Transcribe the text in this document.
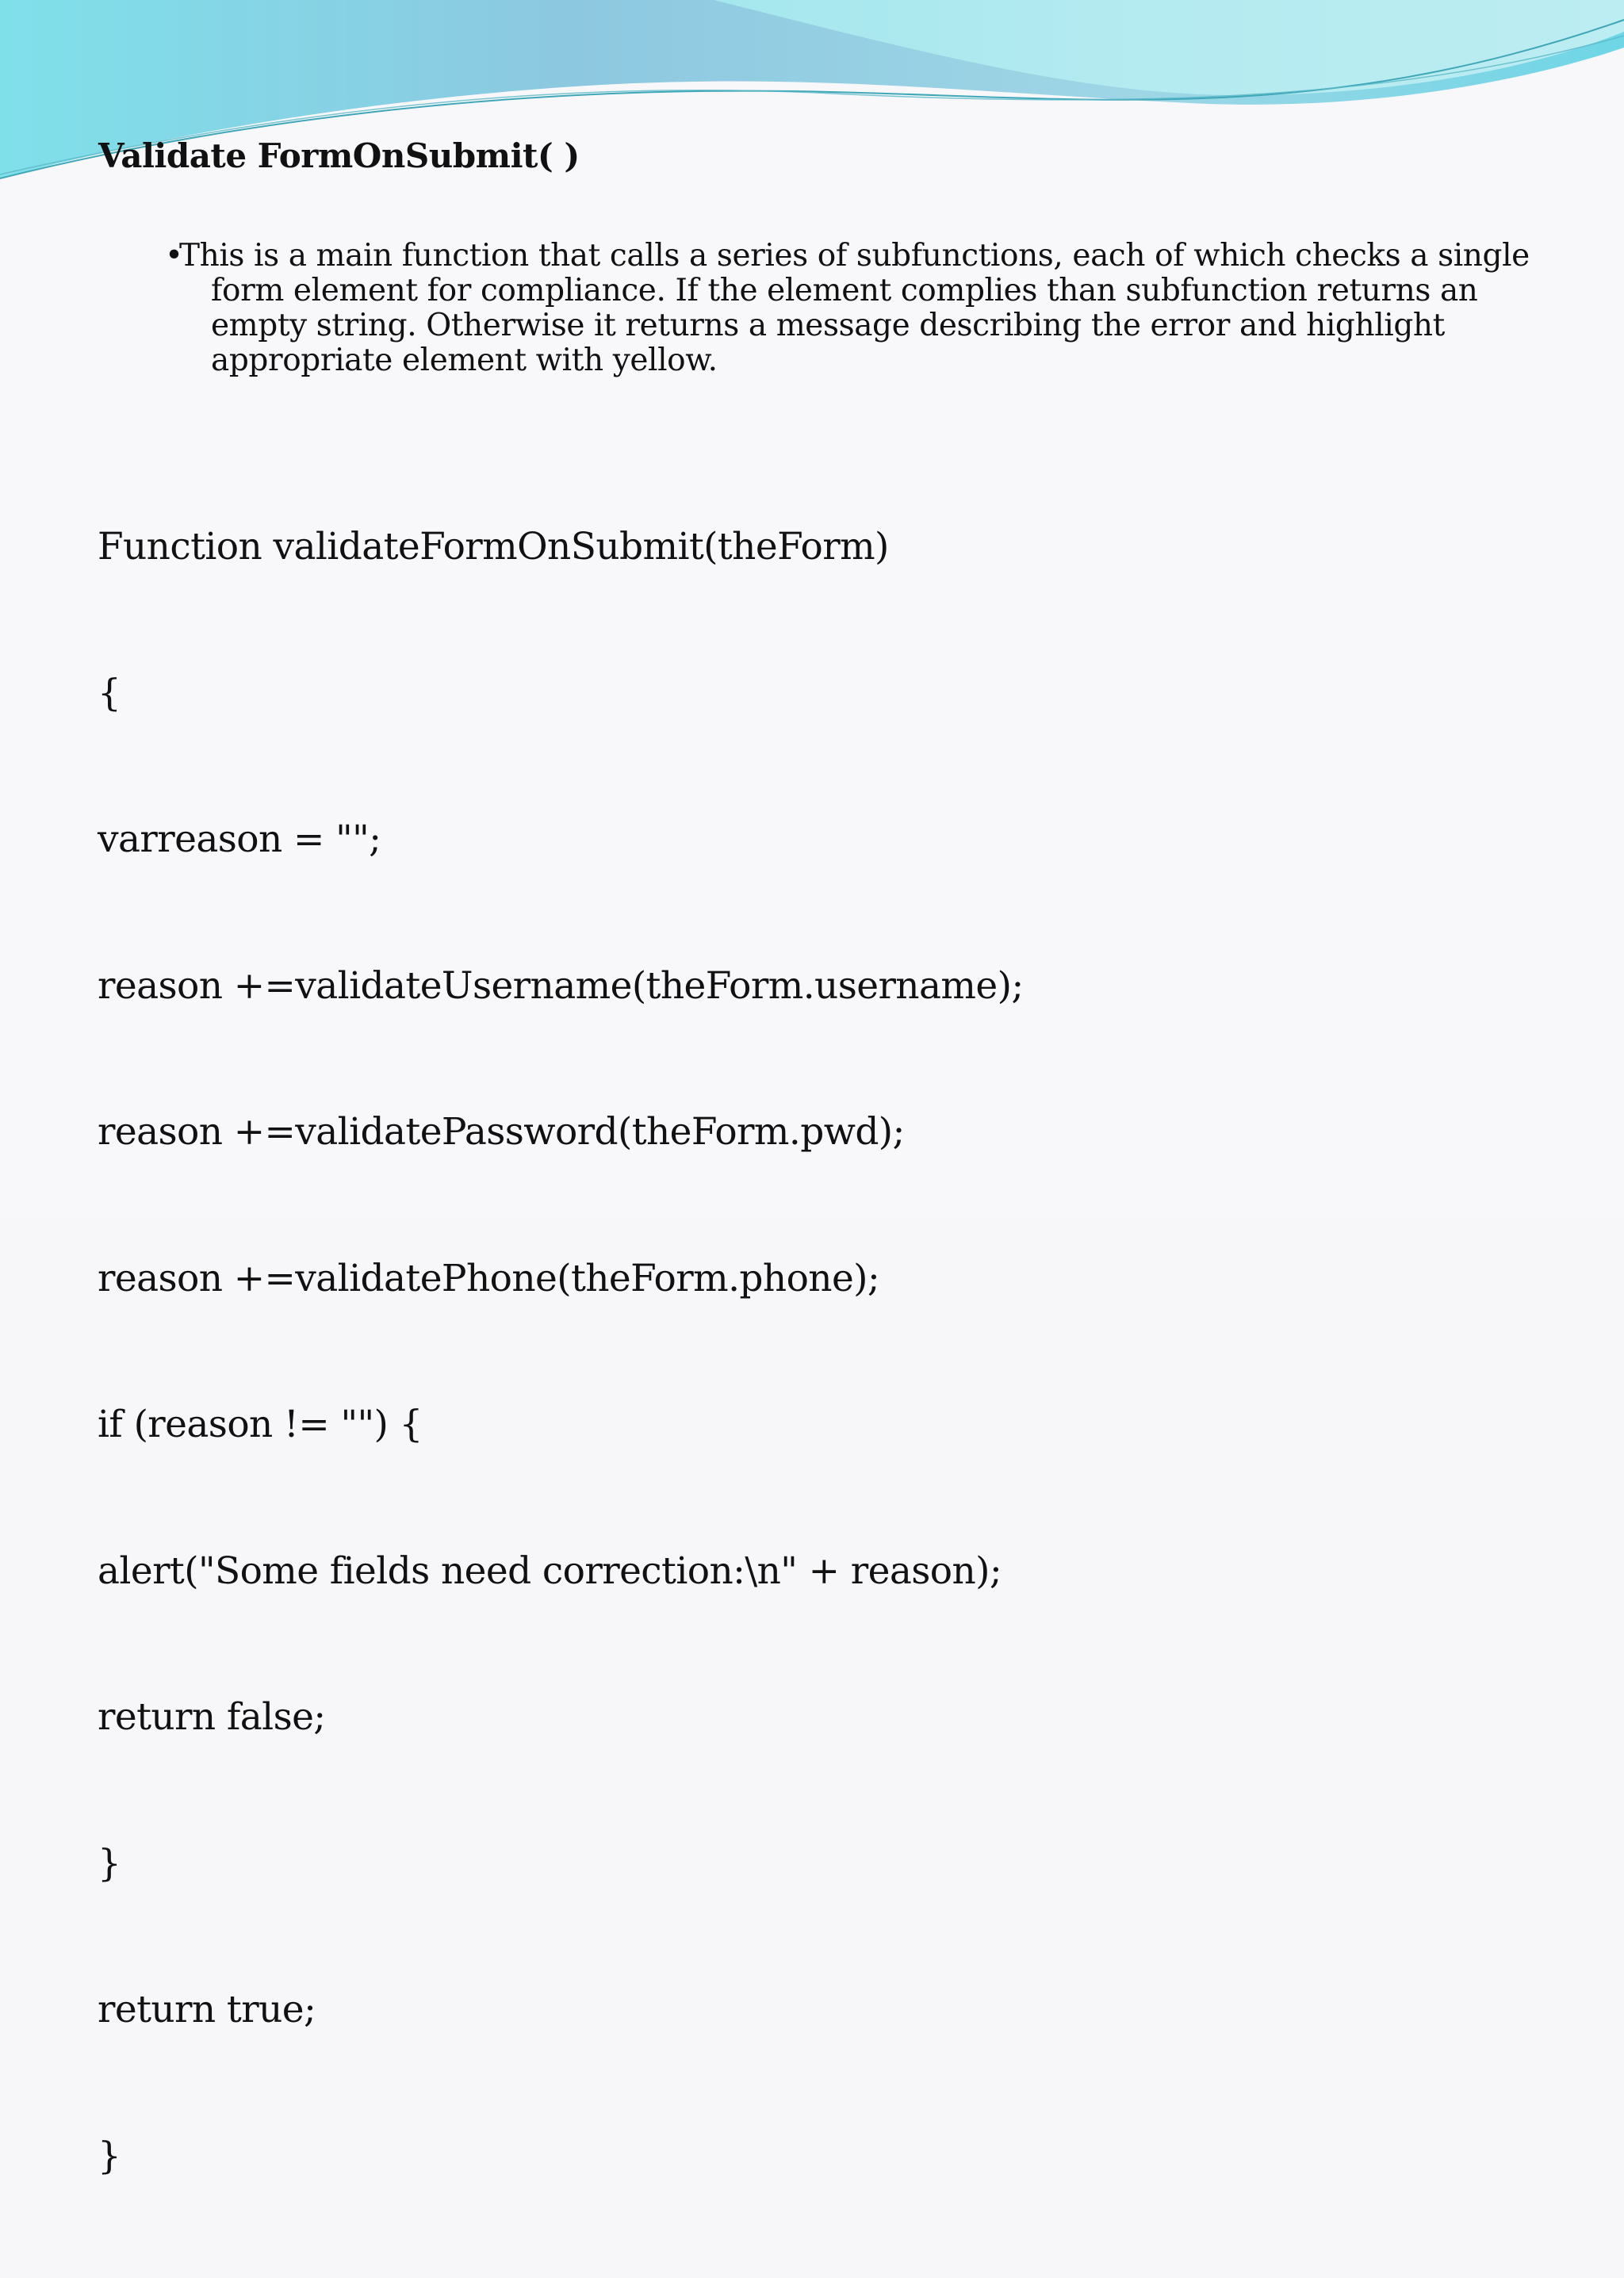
Validate FormOnSubmit( )

•This is a main function that calls a series of subfunctions, each of which checks a single form element for compliance. If the element complies than subfunction returns an empty string. Otherwise it returns a message describing the error and highlight appropriate element with yellow.

Function validateFormOnSubmit(theForm)

{

varreason = "";

reason +=validateUsername(theForm.username);

reason +=validatePassword(theForm.pwd);

reason +=validatePhone(theForm.phone);

if (reason != "") {

alert("Some fields need correction:\n" + reason);

return false;

}

return true;

}
